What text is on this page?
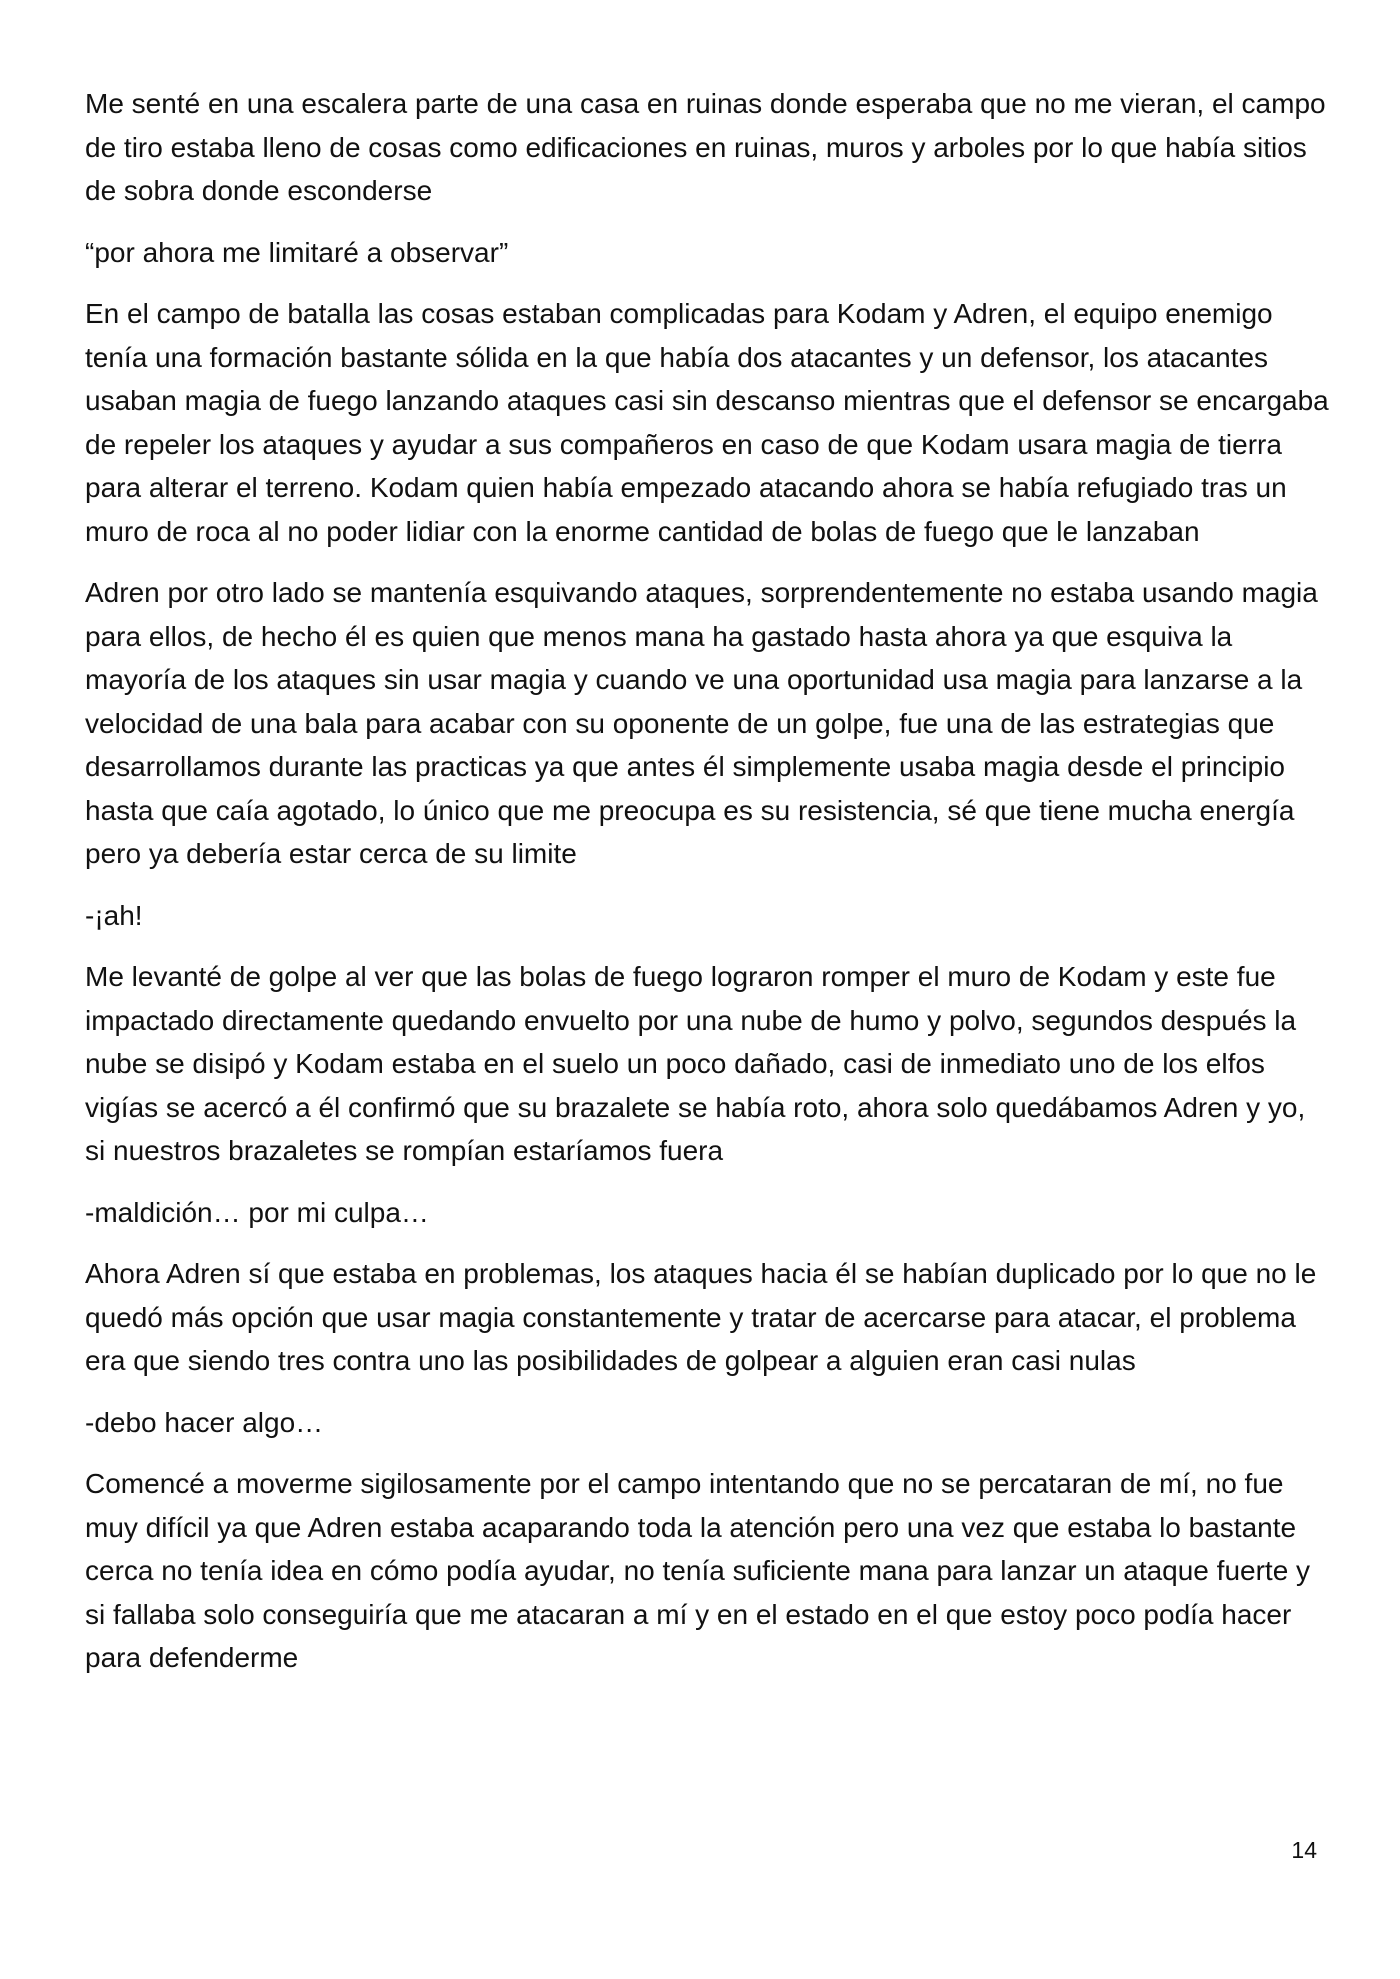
Me senté en una escalera parte de una casa en ruinas donde esperaba que no me vieran, el campo de tiro estaba lleno de cosas como edificaciones en ruinas, muros y arboles por lo que había sitios de sobra donde esconderse

“por ahora me limitaré a observar”

En el campo de batalla las cosas estaban complicadas para Kodam y Adren, el equipo enemigo tenía una formación bastante sólida en la que había dos atacantes y un defensor, los atacantes usaban magia de fuego lanzando ataques casi sin descanso mientras que el defensor se encargaba de repeler los ataques y ayudar a sus compañeros en caso de que Kodam usara magia de tierra para alterar el terreno. Kodam quien había empezado atacando ahora se había refugiado tras un muro de roca al no poder lidiar con la enorme cantidad de bolas de fuego que le lanzaban

Adren por otro lado se mantenía esquivando ataques, sorprendentemente no estaba usando magia para ellos, de hecho él es quien que menos mana ha gastado hasta ahora ya que esquiva la mayoría de los ataques sin usar magia y cuando ve una oportunidad usa magia para lanzarse a la velocidad de una bala para acabar con su oponente de un golpe, fue una de las estrategias que desarrollamos durante las practicas ya que antes él simplemente usaba magia desde el principio hasta que caía agotado, lo único que me preocupa es su resistencia, sé que tiene mucha energía pero ya debería estar cerca de su limite

-¡ah!

Me levanté de golpe al ver que las bolas de fuego lograron romper el muro de Kodam y este fue impactado directamente quedando envuelto por una nube de humo y polvo, segundos después la nube se disipó y Kodam estaba en el suelo un poco dañado, casi de inmediato uno de los elfos vigías se acercó a él confirmó que su brazalete se había roto, ahora solo quedábamos Adren y yo, si nuestros brazaletes se rompían estaríamos fuera

-maldición… por mi culpa…

Ahora Adren sí que estaba en problemas, los ataques hacia él se habían duplicado por lo que no le quedó más opción que usar magia constantemente y tratar de acercarse para atacar, el problema era que siendo tres contra uno las posibilidades de golpear a alguien eran casi nulas

-debo hacer algo…

Comencé a moverme sigilosamente por el campo intentando que no se percataran de mí, no fue muy difícil ya que Adren estaba acaparando toda la atención pero una vez que estaba lo bastante cerca no tenía idea en cómo podía ayudar, no tenía suficiente mana para lanzar un ataque fuerte y si fallaba solo conseguiría que me atacaran a mí y en el estado en el que estoy poco podía hacer para defenderme

14
